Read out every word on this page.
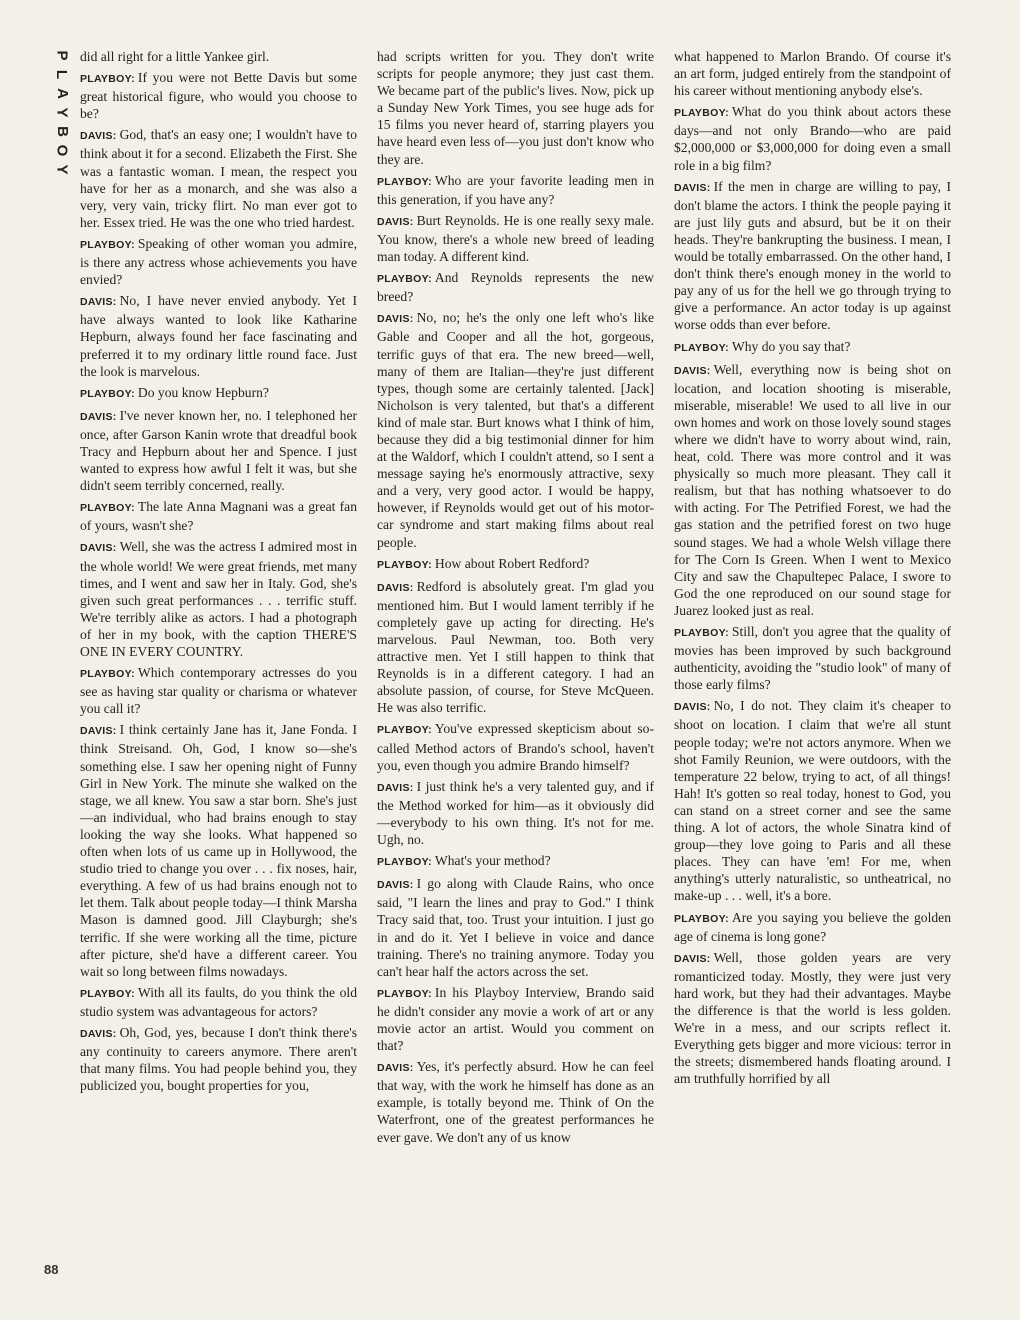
P
L
A
Y
B
O
Y
88

did all right for a little Yankee girl.

PLAYBOY: If you were not Bette Davis but some great historical figure, who would you choose to be?

DAVIS: God, that's an easy one; I wouldn't have to think about it for a second. Elizabeth the First. She was a fantastic woman. I mean, the respect you have for her as a monarch, and she was also a very, very vain, tricky flirt. No man ever got to her. Essex tried. He was the one who tried hardest.

PLAYBOY: Speaking of other woman you admire, is there any actress whose achievements you have envied?

DAVIS: No, I have never envied anybody. Yet I have always wanted to look like Katharine Hepburn, always found her face fascinating and preferred it to my ordinary little round face. Just the look is marvelous.

PLAYBOY: Do you know Hepburn?

DAVIS: I've never known her, no. I telephoned her once, after Garson Kanin wrote that dreadful book Tracy and Hepburn about her and Spence. I just wanted to express how awful I felt it was, but she didn't seem terribly concerned, really.

PLAYBOY: The late Anna Magnani was a great fan of yours, wasn't she?

DAVIS: Well, she was the actress I admired most in the whole world! We were great friends, met many times, and I went and saw her in Italy. God, she's given such great performances . . . terrific stuff. We're terribly alike as actors. I had a photograph of her in my book, with the caption THERE'S ONE IN EVERY COUNTRY.

PLAYBOY: Which contemporary actresses do you see as having star quality or charisma or whatever you call it?

DAVIS: I think certainly Jane has it, Jane Fonda. I think Streisand. Oh, God, I know so—she's something else. I saw her opening night of Funny Girl in New York. The minute she walked on the stage, we all knew. You saw a star born. She's just—an individual, who had brains enough to stay looking the way she looks. What happened so often when lots of us came up in Hollywood, the studio tried to change you over . . . fix noses, hair, everything. A few of us had brains enough not to let them. Talk about people today—I think Marsha Mason is damned good. Jill Clayburgh; she's terrific. If she were working all the time, picture after picture, she'd have a different career. You wait so long between films nowadays.

PLAYBOY: With all its faults, do you think the old studio system was advantageous for actors?

DAVIS: Oh, God, yes, because I don't think there's any continuity to careers anymore. There aren't that many films. You had people behind you, they publicized you, bought properties for you,

had scripts written for you. They don't write scripts for people anymore; they just cast them. We became part of the public's lives. Now, pick up a Sunday New York Times, you see huge ads for 15 films you never heard of, starring players you have heard even less of—you just don't know who they are.

PLAYBOY: Who are your favorite leading men in this generation, if you have any?

DAVIS: Burt Reynolds. He is one really sexy male. You know, there's a whole new breed of leading man today. A different kind.

PLAYBOY: And Reynolds represents the new breed?

DAVIS: No, no; he's the only one left who's like Gable and Cooper and all the hot, gorgeous, terrific guys of that era. The new breed—well, many of them are Italian—they're just different types, though some are certainly talented. [Jack] Nicholson is very talented, but that's a different kind of male star. Burt knows what I think of him, because they did a big testimonial dinner for him at the Waldorf, which I couldn't attend, so I sent a message saying he's enormously attractive, sexy and a very, very good actor. I would be happy, however, if Reynolds would get out of his motor-car syndrome and start making films about real people.

PLAYBOY: How about Robert Redford?

DAVIS: Redford is absolutely great. I'm glad you mentioned him. But I would lament terribly if he completely gave up acting for directing. He's marvelous. Paul Newman, too. Both very attractive men. Yet I still happen to think that Reynolds is in a different category. I had an absolute passion, of course, for Steve McQueen. He was also terrific.

PLAYBOY: You've expressed skepticism about so-called Method actors of Brando's school, haven't you, even though you admire Brando himself?

DAVIS: I just think he's a very talented guy, and if the Method worked for him—as it obviously did—everybody to his own thing. It's not for me. Ugh, no.

PLAYBOY: What's your method?

DAVIS: I go along with Claude Rains, who once said, "I learn the lines and pray to God." I think Tracy said that, too. Trust your intuition. I just go in and do it. Yet I believe in voice and dance training. There's no training anymore. Today you can't hear half the actors across the set.

PLAYBOY: In his Playboy Interview, Brando said he didn't consider any movie a work of art or any movie actor an artist. Would you comment on that?

DAVIS: Yes, it's perfectly absurd. How he can feel that way, with the work he himself has done as an example, is totally beyond me. Think of On the Waterfront, one of the greatest performances he ever gave. We don't any of us know

what happened to Marlon Brando. Of course it's an art form, judged entirely from the standpoint of his career without mentioning anybody else's.

PLAYBOY: What do you think about actors these days—and not only Brando—who are paid $2,000,000 or $3,000,000 for doing even a small role in a big film?

DAVIS: If the men in charge are willing to pay, I don't blame the actors. I think the people paying it are just lily guts and absurd, but be it on their heads. They're bankrupting the business. I mean, I would be totally embarrassed. On the other hand, I don't think there's enough money in the world to pay any of us for the hell we go through trying to give a performance. An actor today is up against worse odds than ever before.

PLAYBOY: Why do you say that?

DAVIS: Well, everything now is being shot on location, and location shooting is miserable, miserable, miserable! We used to all live in our own homes and work on those lovely sound stages where we didn't have to worry about wind, rain, heat, cold. There was more control and it was physically so much more pleasant. They call it realism, but that has nothing whatsoever to do with acting. For The Petrified Forest, we had the gas station and the petrified forest on two huge sound stages. We had a whole Welsh village there for The Corn Is Green. When I went to Mexico City and saw the Chapultepec Palace, I swore to God the one reproduced on our sound stage for Juarez looked just as real.

PLAYBOY: Still, don't you agree that the quality of movies has been improved by such background authenticity, avoiding the "studio look" of many of those early films?

DAVIS: No, I do not. They claim it's cheaper to shoot on location. I claim that we're all stunt people today; we're not actors anymore. When we shot Family Reunion, we were outdoors, with the temperature 22 below, trying to act, of all things! Hah! It's gotten so real today, honest to God, you can stand on a street corner and see the same thing. A lot of actors, the whole Sinatra kind of group—they love going to Paris and all these places. They can have 'em! For me, when anything's utterly naturalistic, so untheatrical, no make-up . . . well, it's a bore.

PLAYBOY: Are you saying you believe the golden age of cinema is long gone?

DAVIS: Well, those golden years are very romanticized today. Mostly, they were just very hard work, but they had their advantages. Maybe the difference is that the world is less golden. We're in a mess, and our scripts reflect it. Everything gets bigger and more vicious: terror in the streets; dismembered hands floating around. I am truthfully horrified by all
